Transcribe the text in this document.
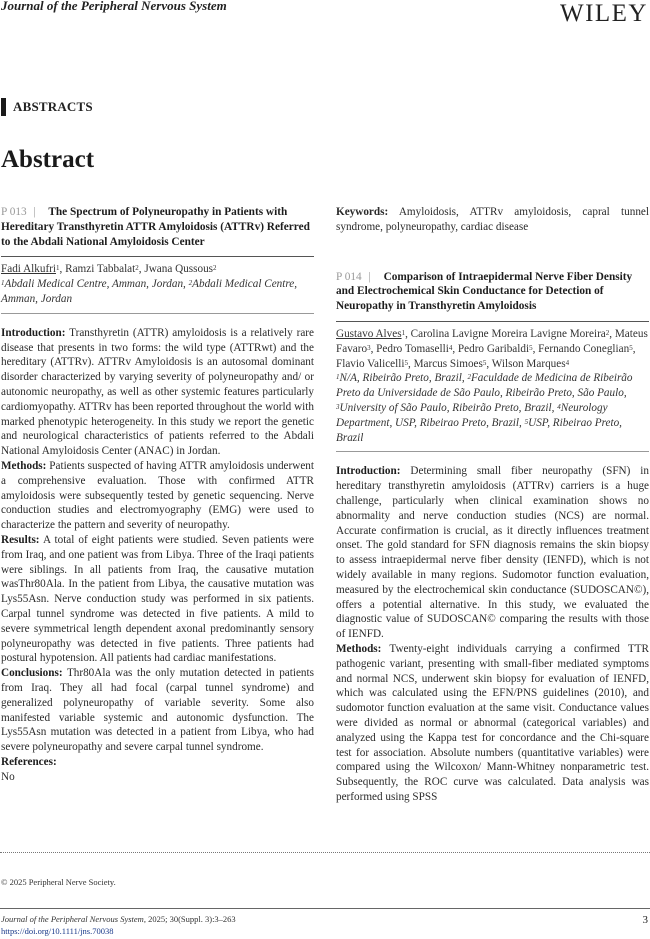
Journal of the Peripheral Nervous System	WILEY
ABSTRACTS
Abstract
P 013 | The Spectrum of Polyneuropathy in Patients with Hereditary Transthyretin ATTR Amyloidosis (ATTRv) Referred to the Abdali National Amyloidosis Center
Fadi Alkufri$^1$, Ramzi Tabbalat$^2$, Jwana Qussous$^2$
$^1$Abdali Medical Centre, Amman, Jordan, $^2$Abdali Medical Centre, Amman, Jordan

Introduction: Transthyretin (ATTR) amyloidosis is a relatively rare disease that presents in two forms: the wild type (ATTRwt) and the hereditary (ATTRv). ATTRv Amyloidosis is an autosomal dominant disorder characterized by varying severity of polyneuropathy and/ or autonomic neuropathy, as well as other systemic features particularly cardiomyopathy. ATTRv has been reported throughout the world with marked phenotypic heterogeneity. In this study we report the genetic and neurological characteristics of patients referred to the Abdali National Amyloidosis Center (ANAC) in Jordan.

Methods: Patients suspected of having ATTR amyloidosis underwent a comprehensive evaluation. Those with confirmed ATTR amyloidosis were subsequently tested by genetic sequencing. Nerve conduction studies and electromyography (EMG) were used to characterize the pattern and severity of neuropathy.

Results: A total of eight patients were studied. Seven patients were from Iraq, and one patient was from Libya. Three of the Iraqi patients were siblings. In all patients from Iraq, the causative mutation wasThr80Ala. In the patient from Libya, the causative mutation was Lys55Asn. Nerve conduction study was performed in six patients. Carpal tunnel syndrome was detected in five patients. A mild to severe symmetrical length dependent axonal predominantly sensory polyneuropathy was detected in five patients. Three patients had postural hypotension. All patients had cardiac manifestations.

Conclusions: Thr80Ala was the only mutation detected in patients from Iraq. They all had focal (carpal tunnel syndrome) and generalized polyneuropathy of variable severity. Some also manifested variable systemic and autonomic dysfunction. The Lys55Asn mutation was detected in a patient from Libya, who had severe polyneuropathy and severe carpal tunnel syndrome.

References:

No

Keywords: Amyloidosis, ATTRv amyloidosis, capral tunnel syndrome, polyneuropathy, cardiac disease

P 014 | Comparison of Intraepidermal Nerve Fiber Density and Electrochemical Skin Conductance for Detection of Neuropathy in Transthyretin Amyloidosis
Gustavo Alves$^1$, Carolina Lavigne Moreira Lavigne Moreira$^2$, Mateus Favaro$^3$, Pedro Tomaselli$^4$, Pedro Garibaldi$^5$, Fernando Coneglian$^5$, Flavio Valicelli$^5$, Marcus Simoes$^5$, Wilson Marques$^4$
$^1$N/A, Ribeirão Preto, Brazil, $^2$Faculdade de Medicina de Ribeirão Preto da Universidade de São Paulo, Ribeirão Preto, São Paulo, $^3$University of São Paulo, Ribeirão Preto, Brazil, $^4$Neurology Department, USP, Ribeirao Preto, Brazil, $^5$USP, Ribeirao Preto, Brazil

Introduction: Determining small fiber neuropathy (SFN) in hereditary transthyretin amyloidosis (ATTRv) carriers is a huge challenge, particularly when clinical examination shows no abnormality and nerve conduction studies (NCS) are normal. Accurate confirmation is crucial, as it directly influences treatment onset. The gold standard for SFN diagnosis remains the skin biopsy to assess intraepidermal nerve fiber density (IENFD), which is not widely available in many regions. Sudomotor function evaluation, measured by the electrochemical skin conductance (SUDOSCAN©), offers a potential alternative. In this study, we evaluated the diagnostic value of SUDOSCAN© comparing the results with those of IENFD.

Methods: Twenty-eight individuals carrying a confirmed TTR pathogenic variant, presenting with small-fiber mediated symptoms and normal NCS, underwent skin biopsy for evaluation of IENFD, which was calculated using the EFN/PNS guidelines (2010), and sudomotor function evaluation at the same visit. Conductance values were divided as normal or abnormal (categorical variables) and analyzed using the Kappa test for concordance and the Chi-square test for association. Absolute numbers (quantitative variables) were compared using the Wilcoxon/ Mann-Whitney nonparametric test. Subsequently, the ROC curve was calculated. Data analysis was performed using SPSS

© 2025 Peripheral Nerve Society.
Journal of the Peripheral Nervous System, 2025; 30(Suppl. 3):3–263
https://doi.org/10.1111/jns.70038
3
